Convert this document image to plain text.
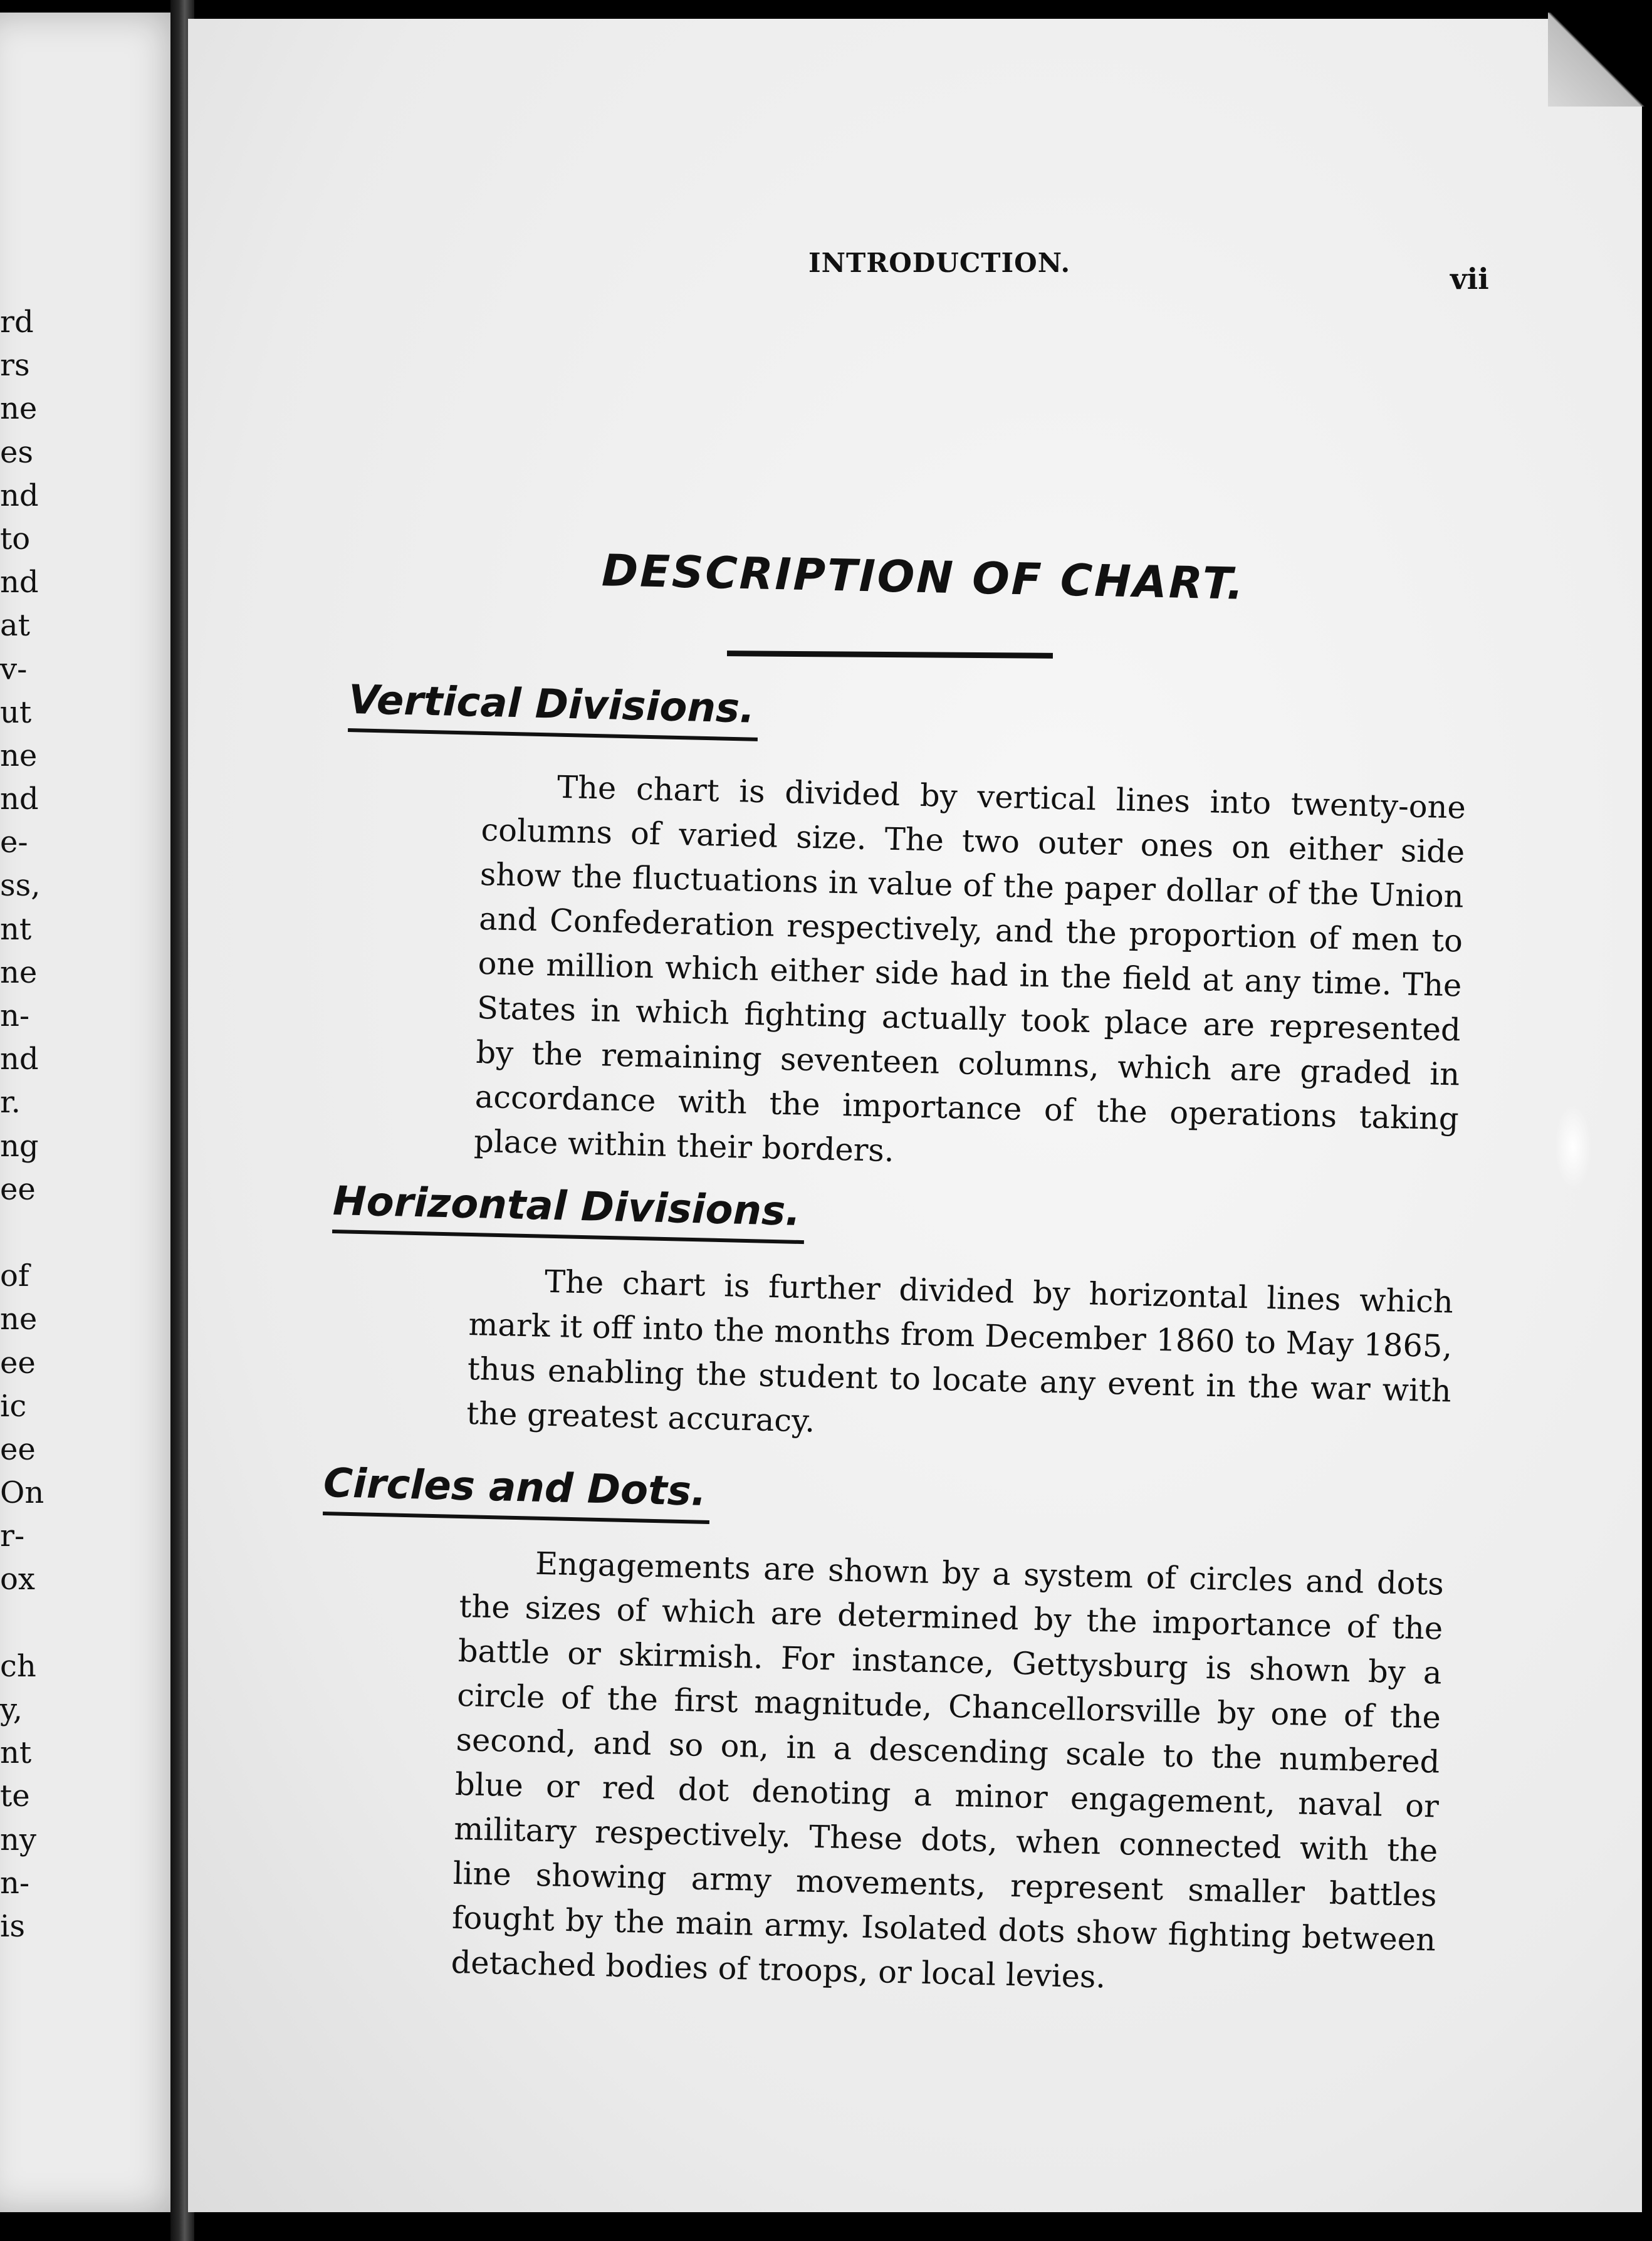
rd
rs
ne
es
nd
to
nd
at
v-
ut
ne
nd
e-
ss,
nt
ne
n-
nd
r.
ng
ee
of
ne
ee
ic
ee
On
r-
ox
ch
y,
nt
te
ny
n-
is
INTRODUCTION.	vii
DESCRIPTION OF CHART.
Vertical Divisions.
The chart is divided by vertical lines into twenty-one columns of varied size. The two outer ones on either side show the fluctuations in value of the paper dollar of the Union and Confederation respectively, and the proportion of men to one million which either side had in the field at any time. The States in which fighting actually took place are represented by the remaining seventeen columns, which are graded in accordance with the importance of the operations taking place within their borders.
Horizontal Divisions.
The chart is further divided by horizontal lines which mark it off into the months from December 1860 to May 1865, thus enabling the student to locate any event in the war with the greatest accuracy.
Circles and Dots.
Engagements are shown by a system of circles and dots the sizes of which are determined by the importance of the battle or skirmish. For instance, Gettysburg is shown by a circle of the first magnitude, Chancellorsville by one of the second, and so on, in a descending scale to the numbered blue or red dot denoting a minor engagement, naval or military respectively. These dots, when connected with the line showing army movements, represent smaller battles fought by the main army. Isolated dots show fighting between detached bodies of troops, or local levies.
